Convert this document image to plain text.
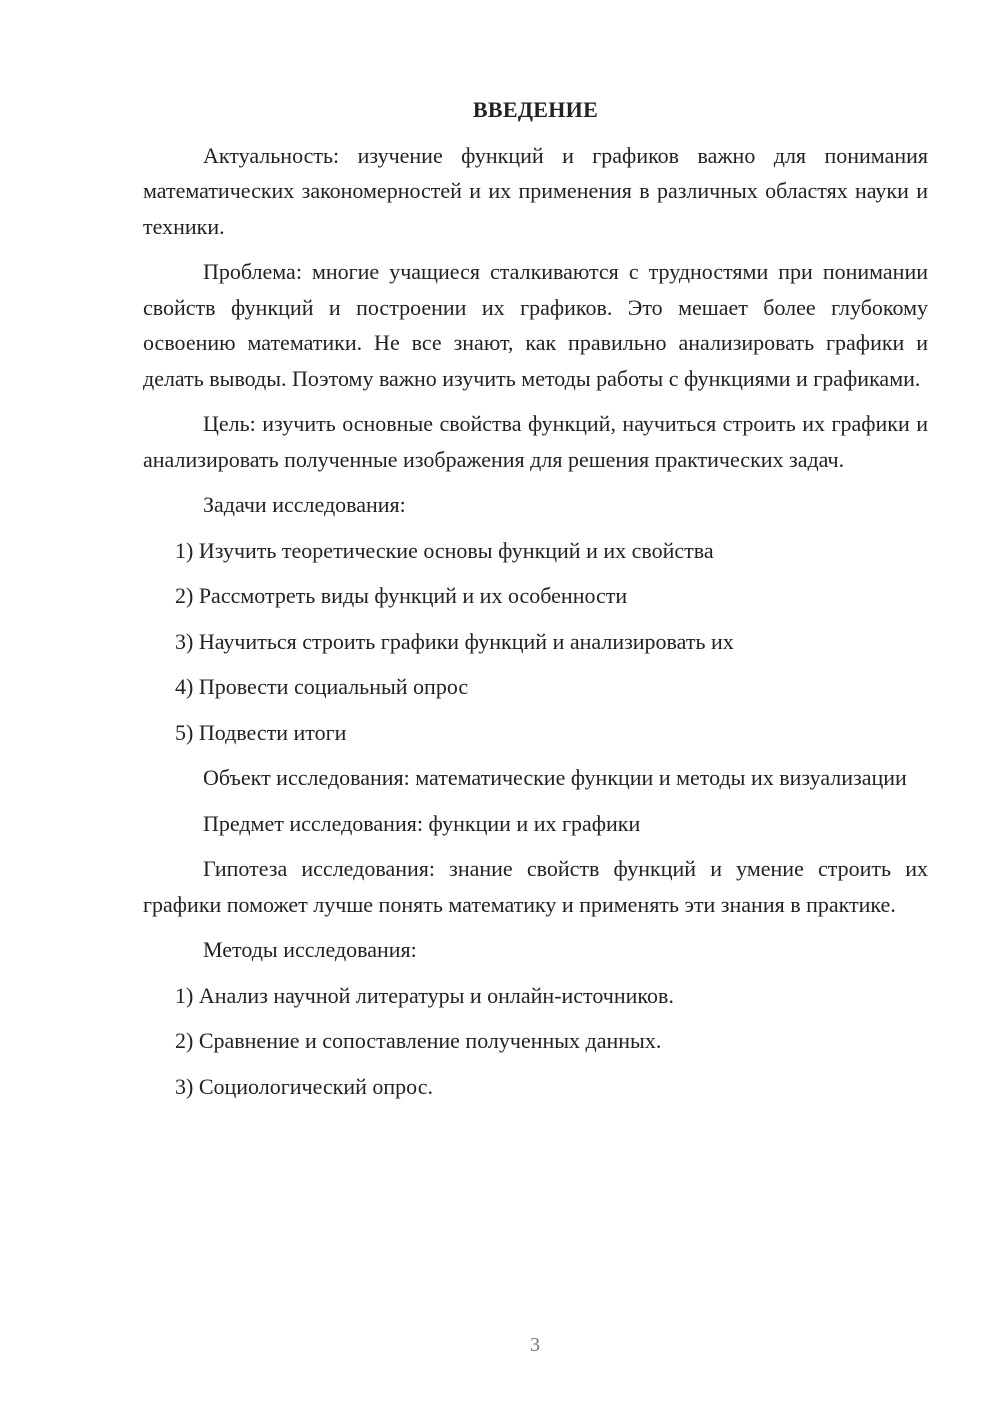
ВВЕДЕНИЕ
Актуальность: изучение функций и графиков важно для понимания математических закономерностей и их применения в различных областях науки и техники.
Проблема: многие учащиеся сталкиваются с трудностями при понимании свойств функций и построении их графиков. Это мешает более глубокому освоению математики. Не все знают, как правильно анализировать графики и делать выводы. Поэтому важно изучить методы работы с функциями и графиками.
Цель: изучить основные свойства функций, научиться строить их графики и анализировать полученные изображения для решения практических задач.
Задачи исследования:
1) Изучить теоретические основы функций и их свойства
2) Рассмотреть виды функций и их особенности
3) Научиться строить графики функций и анализировать их
4) Провести социальный опрос
5) Подвести итоги
Объект исследования: математические функции и методы их визуализации
Предмет исследования: функции и их графики
Гипотеза исследования: знание свойств функций и умение строить их графики поможет лучше понять математику и применять эти знания в практике.
Методы исследования:
1) Анализ научной литературы и онлайн-источников.
2) Сравнение и сопоставление полученных данных.
3) Социологический опрос.
3
